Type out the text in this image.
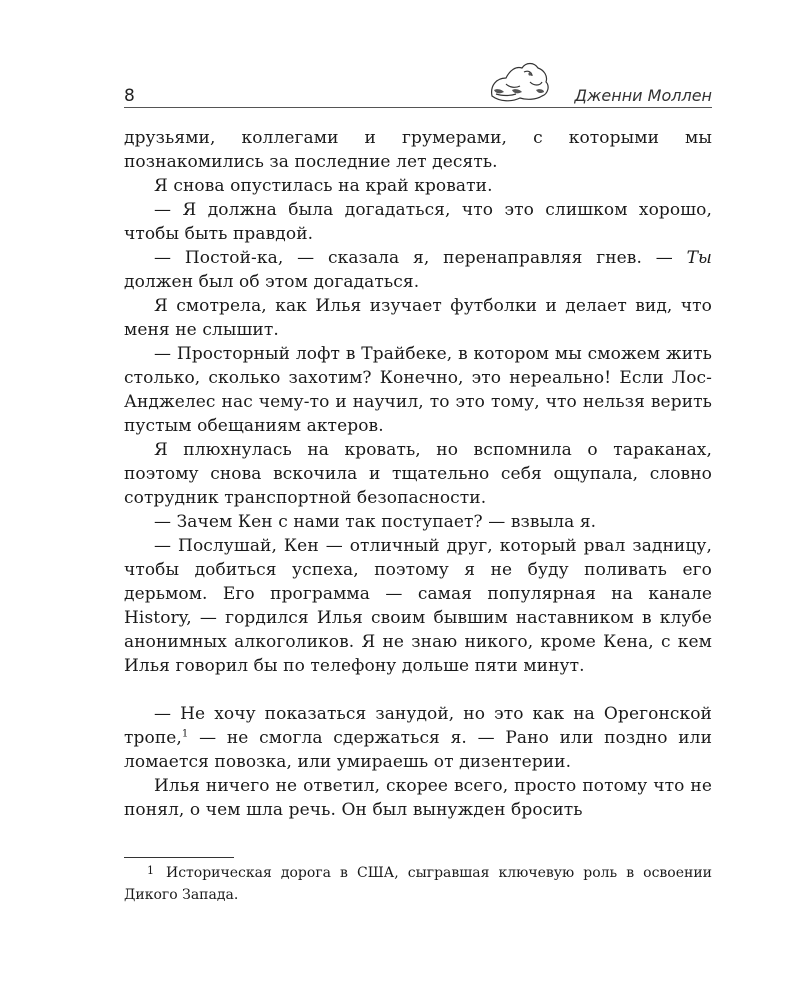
8	Дженни Моллен

друзьями, коллегами и грумерами, с которыми мы познакомились за последние лет десять.

Я снова опустилась на край кровати.

— Я должна была догадаться, что это слишком хорошо, чтобы быть правдой.

— Постой-ка, — сказала я, перенаправляя гнев. — Ты должен был об этом догадаться.

Я смотрела, как Илья изучает футболки и делает вид, что меня не слышит.

— Просторный лофт в Трайбеке, в котором мы сможем жить столько, сколько захотим? Конечно, это нереально! Если Лос-Анджелес нас чему-то и научил, то это тому, что нельзя верить пустым обещаниям актеров.

Я плюхнулась на кровать, но вспомнила о тараканах, поэтому снова вскочила и тщательно себя ощупала, словно сотрудник транспортной безопасности.

— Зачем Кен с нами так поступает? — взвыла я.

— Послушай, Кен — отличный друг, который рвал задницу, чтобы добиться успеха, поэтому я не буду поливать его дерьмом. Его программа — самая популярная на канале History, — гордился Илья своим бывшим наставником в клубе анонимных алкоголиков. Я не знаю никого, кроме Кена, с кем Илья говорил бы по телефону дольше пяти минут.

— Не хочу показаться занудой, но это как на Орегонской тропе,$^1$ — не смогла сдержаться я. — Рано или поздно или ломается повозка, или умираешь от дизентерии.

Илья ничего не ответил, скорее всего, просто потому что не понял, о чем шла речь. Он был вынужден бросить

1 Историческая дорога в США, сыгравшая ключевую роль в освоении Дикого Запада.
